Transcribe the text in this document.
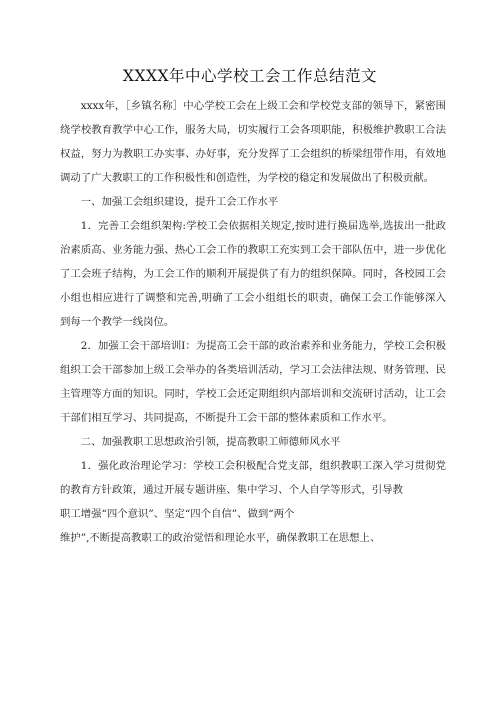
XXXX年中心学校工会工作总结范文

xxxx年，［乡镇名称］中心学校工会在上级工会和学校党支部的领导下，紧密围绕学校教育教学中心工作，服务大局，切实履行工会各项职能，积极维护教职工合法权益，努力为教职工办实事、办好事，充分发挥了工会组织的桥梁纽带作用，有效地调动了广大教职工的工作积极性和创造性，为学校的稳定和发展做出了积极贡献。

一、加强工会组织建设，提升工会工作水平

1．完善工会组织架构:学校工会依据相关规定,按时进行换届选举,选拔出一批政治素质高、业务能力强、热心工会工作的教职工充实到工会干部队伍中，进一步优化了工会班子结构，为工会工作的顺利开展提供了有力的组织保障。同时，各校园工会小组也相应进行了调整和完善,明确了工会小组组长的职责，确保工会工作能够深入到每一个教学一线岗位。

2．加强工会干部培训I：为提高工会干部的政治素养和业务能力，学校工会积极组织工会干部参加上级工会举办的各类培训活动，学习工会法律法规、财务管理、民主管理等方面的知识。同时，学校工会还定期组织内部培训和交流研讨活动，让工会干部们相互学习、共同提高，不断提升工会干部的整体素质和工作水平。

二、加强教职工思想政治引领，提高教职工师德师风水平

1．强化政治理论学习：学校工会积极配合党支部，组织教职工深入学习贯彻党的教育方针政策，通过开展专题讲座、集中学习、个人自学等形式，引导教

职工增强“四个意识”、坚定“四个自信”、做到“两个

维护”,不断提高教职工的政治觉悟和理论水平，确保教职工在思想上、
